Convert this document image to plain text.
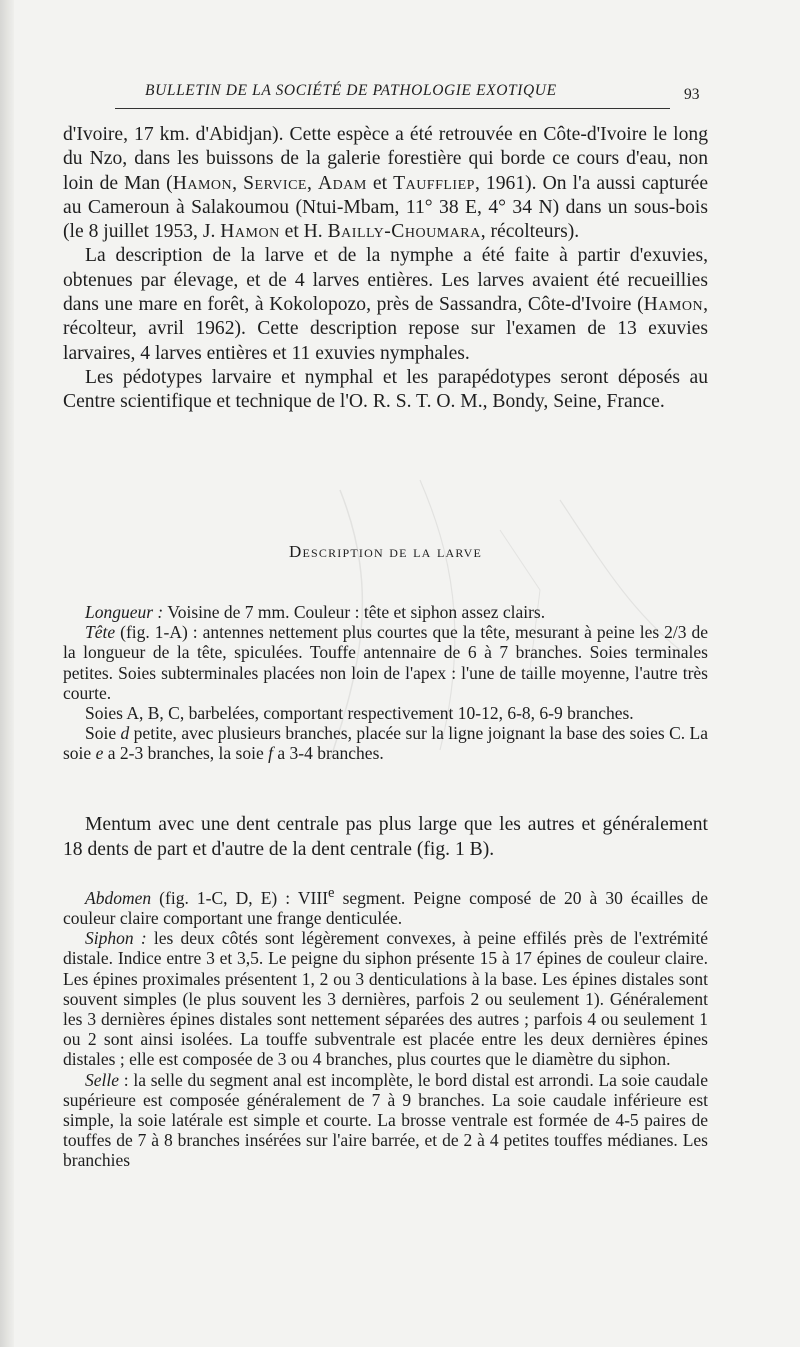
BULLETIN DE LA SOCIÉTÉ DE PATHOLOGIE EXOTIQUE	93

d'Ivoire, 17 km. d'Abidjan). Cette espèce a été retrouvée en Côte-d'Ivoire le long du Nzo, dans les buissons de la galerie forestière qui borde ce cours d'eau, non loin de Man (Hamon, Service, Adam et Tauffliер, 1961). On l'a aussi capturée au Cameroun à Salakoumou (Ntui-Mbam, 11° 38 E, 4° 34 N) dans un sous-bois (le 8 juillet 1953, J. Hamon et H. Bailly-Choumara, récolteurs).

La description de la larve et de la nymphe a été faite à partir d'exuvies, obtenues par élevage, et de 4 larves entières. Les larves avaient été recueillies dans une mare en forêt, à Kokolopozo, près de Sassandra, Côte-d'Ivoire (Hamon, récolteur, avril 1962). Cette description repose sur l'examen de 13 exuvies larvaires, 4 larves entières et 11 exuvies nymphales.

Les pédotypes larvaire et nymphal et les parapédotypes seront déposés au Centre scientifique et technique de l'O. R. S. T. O. M., Bondy, Seine, France.

Description de la larve

Longueur : Voisine de 7 mm. Couleur : tête et siphon assez clairs.

Tête (fig. 1-A) : antennes nettement plus courtes que la tête, mesurant à peine les 2/3 de la longueur de la tête, spiculées. Touffe antennaire de 6 à 7 branches. Soies terminales petites. Soies subterminales placées non loin de l'apex : l'une de taille moyenne, l'autre très courte.

Soies A, B, C, barbelées, comportant respectivement 10-12, 6-8, 6-9 branches.

Soie d petite, avec plusieurs branches, placée sur la ligne joignant la base des soies C. La soie e a 2-3 branches, la soie f a 3-4 branches.

Mentum avec une dent centrale pas plus large que les autres et généralement 18 dents de part et d'autre de la dent centrale (fig. 1 B).

Abdomen (fig. 1-C, D, E) : VIIIe segment. Peigne composé de 20 à 30 écailles de couleur claire comportant une frange denticulée.

Siphon : les deux côtés sont légèrement convexes, à peine effilés près de l'extrémité distale. Indice entre 3 et 3,5. Le peigne du siphon présente 15 à 17 épines de couleur claire. Les épines proximales présentent 1, 2 ou 3 denticulations à la base. Les épines distales sont souvent simples (le plus souvent les 3 dernières, parfois 2 ou seulement 1). Généralement les 3 dernières épines distales sont nettement séparées des autres ; parfois 4 ou seulement 1 ou 2 sont ainsi isolées. La touffe subventrale est placée entre les deux dernières épines distales ; elle est composée de 3 ou 4 branches, plus courtes que le diamètre du siphon.

Selle : la selle du segment anal est incomplète, le bord distal est arrondi. La soie caudale supérieure est composée généralement de 7 à 9 branches. La soie caudale inférieure est simple, la soie latérale est simple et courte. La brosse ventrale est formée de 4-5 paires de touffes de 7 à 8 branches insérées sur l'aire barrée, et de 2 à 4 petites touffes médianes. Les branchies
